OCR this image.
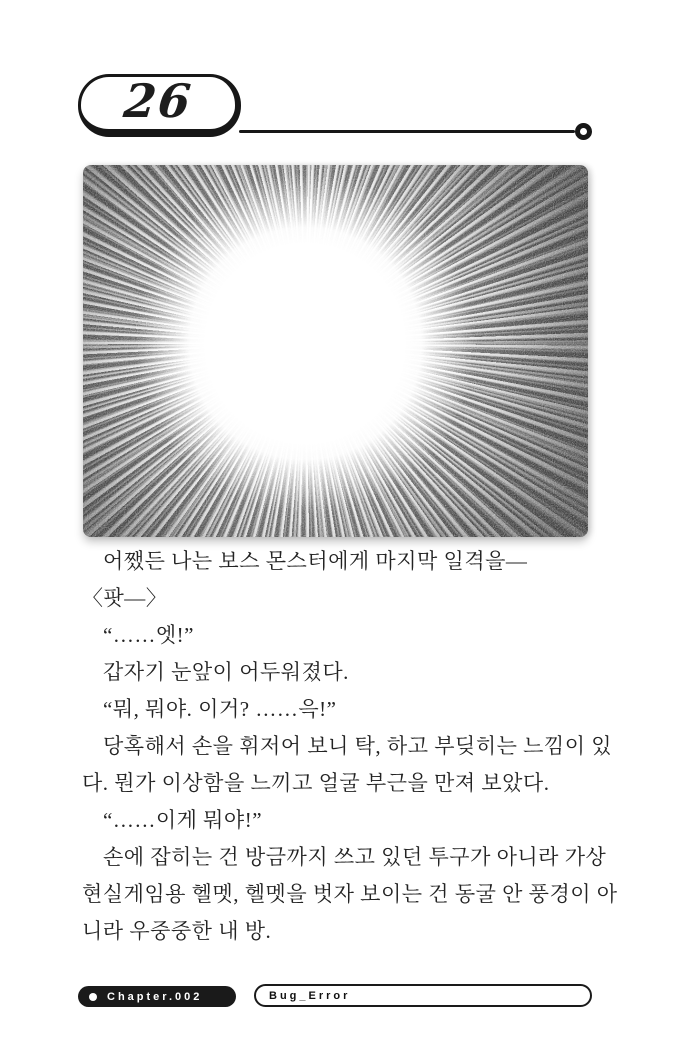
26

어쨌든 나는 보스 몬스터에게 마지막 일격을―

〈팟―〉

“……엣!”

갑자기 눈앞이 어두워졌다.

“뭐, 뭐야. 이거? ……윽!”

당혹해서 손을 휘저어 보니 탁, 하고 부딪히는 느낌이 있

다. 뭔가 이상함을 느끼고 얼굴 부근을 만져 보았다.

“……이게 뭐야!”

손에 잡히는 건 방금까지 쓰고 있던 투구가 아니라 가상

현실게임용 헬멧, 헬멧을 벗자 보이는 건 동굴 안 풍경이 아

니라 우중중한 내 방.

Chapter.002	Bug_Error
